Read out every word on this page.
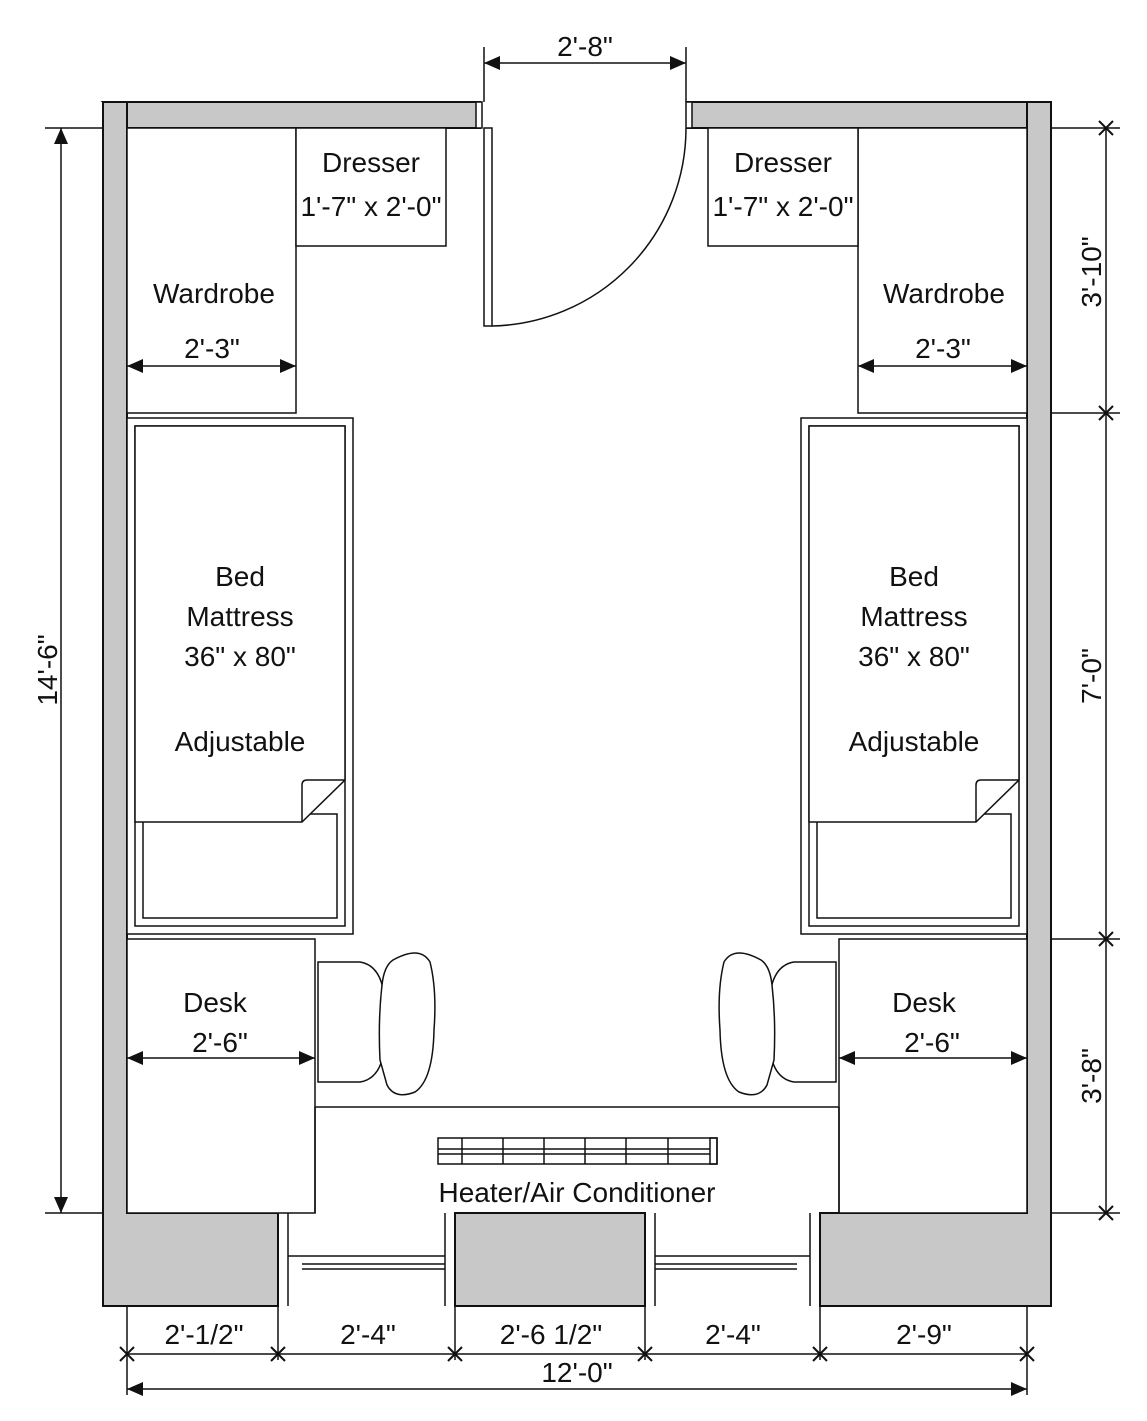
Dresser
1'-7" x 2'-0"
Wardrobe
2'-3"
Bed
Mattress
36" x 80"
Adjustable
Desk
2'-6"
Dresser
1'-7" x 2'-0"
Wardrobe
2'-3"
Bed
Mattress
36" x 80"
Adjustable
Desk
2'-6"
Heater/Air Conditioner
2'-8"
14'-6"
3'-10"
7'-0"
3'-8"
2'-1/2"	2'-4"	2'-6 1/2"	2'-4"	2'-9"
12'-0"
